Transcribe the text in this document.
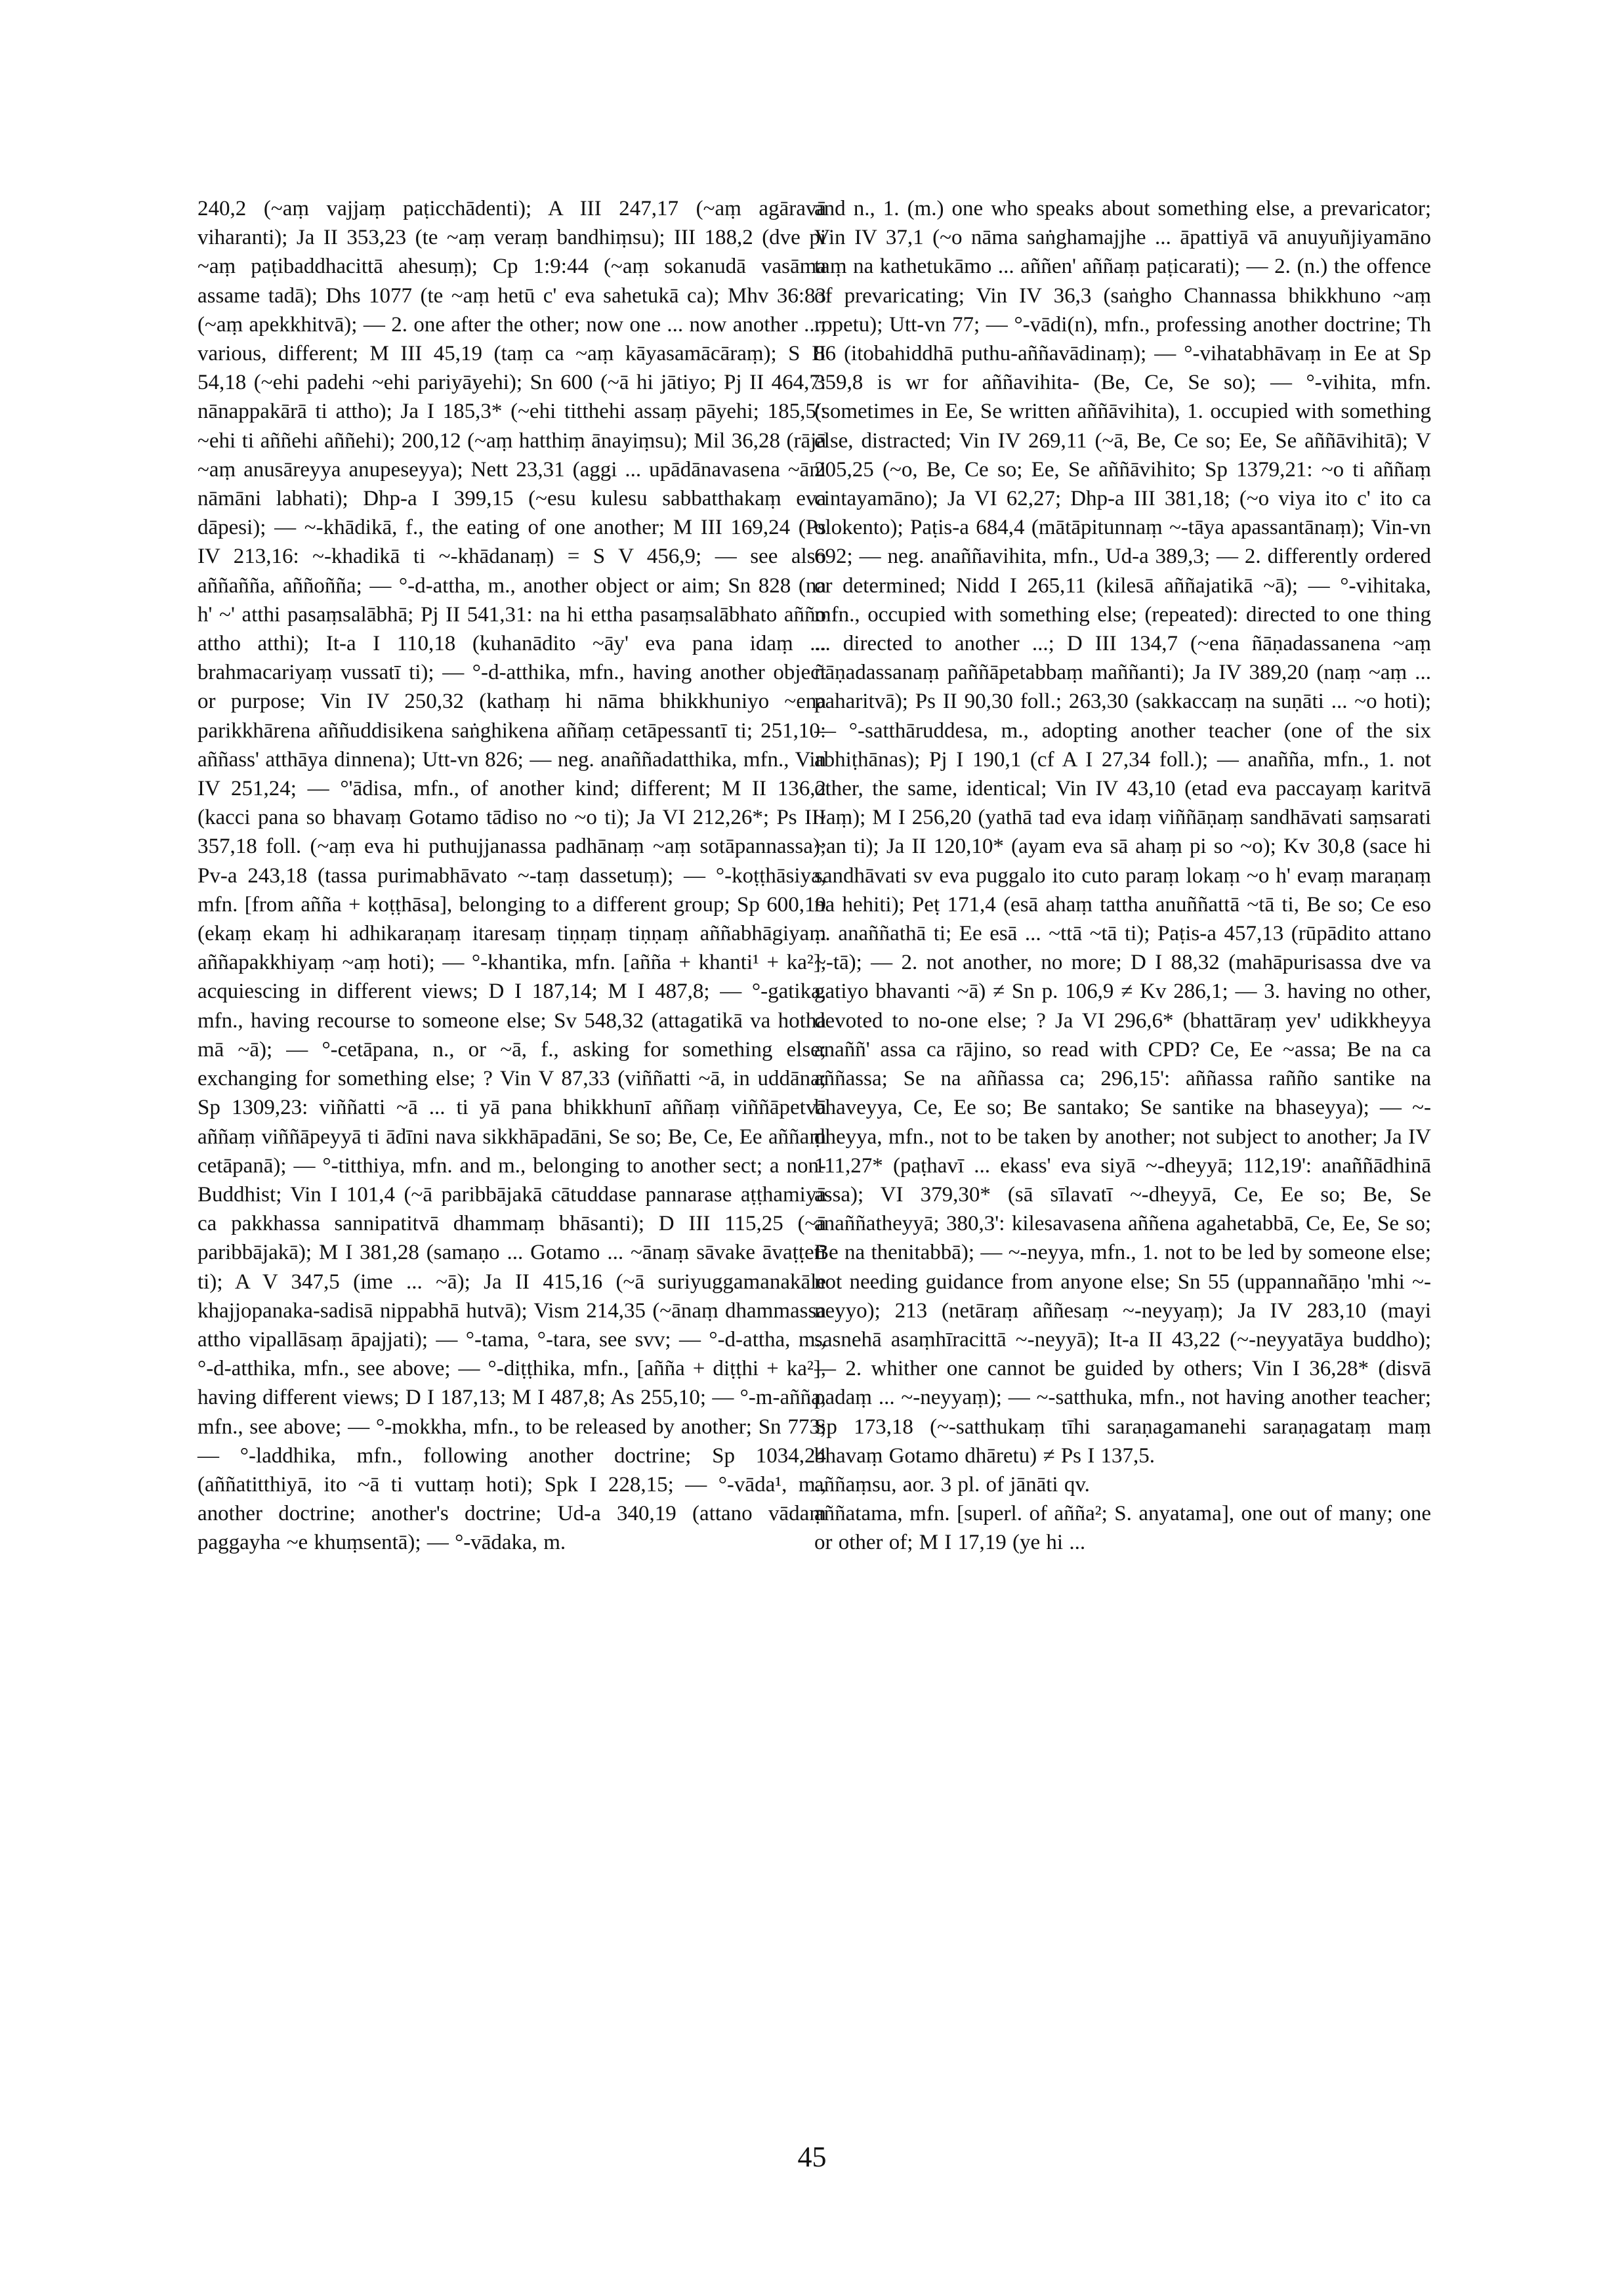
240,2 (~aṃ vajjaṃ paṭicchādenti); A III 247,17 (~aṃ agāravā viharanti); Ja II 353,23 (te ~aṃ veraṃ bandhiṃsu); III 188,2 (dve pi ~aṃ paṭibaddhacittā ahesuṃ); Cp 1:9:44 (~aṃ sokanudā vasāma assame tadā); Dhs 1077 (te ~aṃ hetū c' eva sahetukā ca); Mhv 36:83 (~aṃ apekkhitvā); — 2. one after the other; now one ... now another ...; various, different; M III 45,19 (taṃ ca ~aṃ kāyasamācāraṃ); S II 54,18 (~ehi padehi ~ehi pariyāyehi); Sn 600 (~ā hi jātiyo; Pj II 464,7: nānappakārā ti attho); Ja I 185,3* (~ehi titthehi assaṃ pāyehi; 185,5': ~ehi ti aññehi aññehi); 200,12 (~aṃ hatthiṃ ānayiṃsu); Mil 36,28 (rājā ~aṃ anusāreyya anupeseyya); Nett 23,31 (aggi ... upādānavasena ~āni nāmāni labhati); Dhp-a I 399,15 (~esu kulesu sabbatthakaṃ eva dāpesi); — ~-khādikā, f., the eating of one another; M III 169,24 (Ps IV 213,16: ~-khadikā ti ~-khādanaṃ) = S V 456,9; — see also aññañña, aññoñña; — °-d-attha, m., another object or aim; Sn 828 (na h' ~' atthi pasaṃsalābhā; Pj II 541,31: na hi ettha pasaṃsalābhato añño attho atthi); It-a I 110,18 (kuhanādito ~āy' eva pana idaṃ ... brahmacariyaṃ vussatī ti); — °-d-atthika, mfn., having another object or purpose; Vin IV 250,32 (kathaṃ hi nāma bhikkhuniyo ~ena parikkhārena aññuddisikena saṅghikena aññaṃ cetāpessantī ti; 251,10: aññass' atthāya dinnena); Utt-vn 826; — neg. anaññadatthika, mfn., Vin IV 251,24; — °'ādisa, mfn., of another kind; different; M II 136,2 (kacci pana so bhavaṃ Gotamo tādiso no ~o ti); Ja VI 212,26*; Ps III 357,18 foll. (~aṃ eva hi puthujjanassa padhānaṃ ~aṃ sotāpannassa); Pv-a 243,18 (tassa purimabhāvato ~-taṃ dassetuṃ); — °-koṭṭhāsiya, mfn. [from añña + koṭṭhāsa], belonging to a different group; Sp 600,19 (ekaṃ ekaṃ hi adhikaraṇaṃ itaresaṃ tiṇṇaṃ tiṇṇaṃ aññabhāgiyaṃ aññapakkhiyaṃ ~aṃ hoti); — °-khantika, mfn. [añña + khanti¹ + ka²], acquiescing in different views; D I 187,14; M I 487,8; — °-gatika, mfn., having recourse to someone else; Sv 548,32 (attagatikā va hotha mā ~ā); — °-cetāpana, n., or ~ā, f., asking for something else; exchanging for something else; ? Vin V 87,33 (viññatti ~ā, in uddāna; Sp 1309,23: viññatti ~ā ... ti yā pana bhikkhunī aññaṃ viññāpetvā aññaṃ viññāpeyyā ti ādīni nava sikkhāpadāni, Se so; Be, Ce, Ee aññaṃ cetāpanā); — °-titthiya, mfn. and m., belonging to another sect; a non-Buddhist; Vin I 101,4 (~ā paribbājakā cātuddase pannarase aṭṭhamiyā ca pakkhassa sannipatitvā dhammaṃ bhāsanti); D III 115,25 (~ā paribbājakā); M I 381,28 (samaṇo ... Gotamo ... ~ānaṃ sāvake āvaṭṭetī ti); A V 347,5 (ime ... ~ā); Ja II 415,16 (~ā suriyuggamanakāle khajjopanaka-sadisā nippabhā hutvā); Vism 214,35 (~ānaṃ dhammassa attho vipallāsaṃ āpajjati); — °-tama, °-tara, see svv; — °-d-attha, m., °-d-atthika, mfn., see above; — °-diṭṭhika, mfn., [añña + diṭṭhi + ka²], having different views; D I 187,13; M I 487,8; As 255,10; — °-m-añña, mfn., see above; — °-mokkha, mfn., to be released by another; Sn 773; — °-laddhika, mfn., following another doctrine; Sp 1034,24 (aññatitthiyā, ito ~ā ti vuttaṃ hoti); Spk I 228,15; — °-vāda¹, m., another doctrine; another's doctrine; Ud-a 340,19 (attano vādaṃ paggayha ~e khuṃsentā); — °-vādaka, m.

and n., 1. (m.) one who speaks about something else, a prevaricator; Vin IV 37,1 (~o nāma saṅghamajjhe ... āpattiyā vā anuyuñjiyamāno taṃ na kathetukāmo ... aññen' aññaṃ paṭicarati); — 2. (n.) the offence of prevaricating; Vin IV 36,3 (saṅgho Channassa bhikkhuno ~aṃ ropetu); Utt-vn 77; — °-vādi(n), mfn., professing another doctrine; Th 86 (itobahiddhā puthu-aññavādinaṃ); — °-vihatabhāvaṃ in Ee at Sp 359,8 is wr for aññavihita- (Be, Ce, Se so); — °-vihita, mfn. (sometimes in Ee, Se written aññāvihita), 1. occupied with something else, distracted; Vin IV 269,11 (~ā, Be, Ce so; Ee, Se aññāvihitā); V 205,25 (~o, Be, Ce so; Ee, Se aññāvihito; Sp 1379,21: ~o ti aññaṃ cintayamāno); Ja VI 62,27; Dhp-a III 381,18; (~o viya ito c' ito ca olokento); Paṭis-a 684,4 (mātāpitunnaṃ ~-tāya apassantānaṃ); Vin-vn 692; — neg. anaññavihita, mfn., Ud-a 389,3; — 2. differently ordered or determined; Nidd I 265,11 (kilesā aññajatikā ~ā); — °-vihitaka, mfn., occupied with something else; (repeated): directed to one thing ... directed to another ...; D III 134,7 (~ena ñāṇadassanena ~aṃ ñāṇadassanaṃ paññāpetabbaṃ maññanti); Ja IV 389,20 (naṃ ~aṃ ... paharitvā); Ps II 90,30 foll.; 263,30 (sakkaccaṃ na suṇāti ... ~o hoti); — °-satthāruddesa, m., adopting another teacher (one of the six abhiṭhānas); Pj I 190,1 (cf A I 27,34 foll.); — anañña, mfn., 1. not other, the same, identical; Vin IV 43,10 (etad eva paccayaṃ karitvā ~aṃ); M I 256,20 (yathā tad eva idaṃ viññāṇaṃ sandhāvati saṃsarati ~an ti); Ja II 120,10* (ayam eva sā ahaṃ pi so ~o); Kv 30,8 (sace hi sandhāvati sv eva puggalo ito cuto paraṃ lokaṃ ~o h' evaṃ maraṇaṃ na hehiti); Peṭ 171,4 (esā ahaṃ tattha anuññattā ~tā ti, Be so; Ce eso ... anaññathā ti; Ee esā ... ~ttā ~tā ti); Paṭis-a 457,13 (rūpādito attano ~-tā); — 2. not another, no more; D I 88,32 (mahāpurisassa dve va gatiyo bhavanti ~ā) ≠ Sn p. 106,9 ≠ Kv 286,1; — 3. having no other, devoted to no-one else; ? Ja VI 296,6* (bhattāraṃ yev' udikkheyya anaññ' assa ca rājino, so read with CPD? Ce, Ee ~assa; Be na ca aññassa; Se na aññassa ca; 296,15': aññassa rañño santike na bhaveyya, Ce, Ee so; Be santako; Se santike na bhaseyya); — ~-dheyya, mfn., not to be taken by another; not subject to another; Ja IV 111,27* (paṭhavī ... ekass' eva siyā ~-dheyyā; 112,19': anaññādhinā assa); VI 379,30* (sā sīlavatī ~-dheyyā, Ce, Ee so; Be, Se anaññatheyyā; 380,3': kilesavasena aññena agahetabbā, Ce, Ee, Se so; Be na thenitabbā); — ~-neyya, mfn., 1. not to be led by someone else; not needing guidance from anyone else; Sn 55 (uppannañāṇo 'mhi ~-neyyo); 213 (netāraṃ aññesaṃ ~-neyyaṃ); Ja IV 283,10 (mayi sasnehā asaṃhīracittā ~-neyyā); It-a II 43,22 (~-neyyatāya buddho); — 2. whither one cannot be guided by others; Vin I 36,28* (disvā padaṃ ... ~-neyyaṃ); — ~-satthuka, mfn., not having another teacher; Sp 173,18 (~-satthukaṃ tīhi saraṇagamanehi saraṇagataṃ maṃ bhavaṃ Gotamo dhāretu) ≠ Ps I 137,5.

aññaṃsu, aor. 3 pl. of jānāti qv.

aññatama, mfn. [superl. of añña²; S. anyatama], one out of many; one or other of; M I 17,19 (ye hi ...

45
